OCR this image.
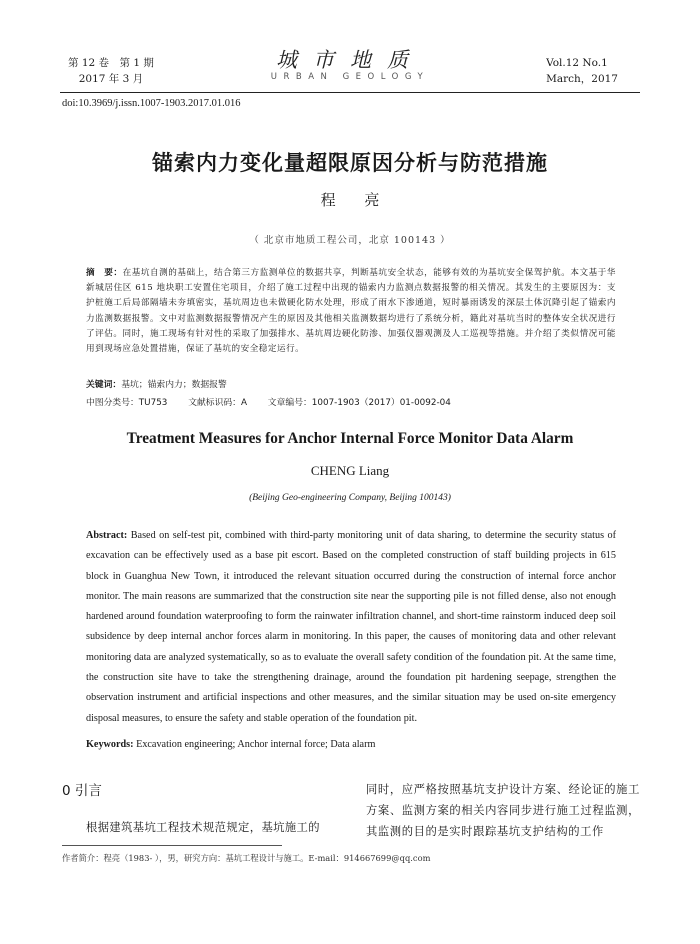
第 12 卷　第 1 期
2017 年 3 月
城市地质
URBAN GEOLOGY
Vol.12 No.1
March，2017
doi:10.3969/j.issn.1007-1903.2017.01.016
锚索内力变化量超限原因分析与防范措施
程 亮
（ 北京市地质工程公司，北京 100143 ）
摘　要：在基坑自测的基础上，结合第三方监测单位的数据共享，判断基坑安全状态，能够有效的为基坑安全保驾护航。本文基于华新城居住区 615 地块职工安置住宅项目，介绍了施工过程中出现的锚索内力监测点数据报警的相关情况。其发生的主要原因为：支护桩施工后局部隔墙未夯填密实，基坑周边也未做硬化防水处理，形成了雨水下渗通道，短时暴雨诱发的深层土体沉降引起了锚索内力监测数据报警。文中对监测数据报警情况产生的原因及其他相关监测数据均进行了系统分析，籍此对基坑当时的整体安全状况进行了评估。同时，施工现场有针对性的采取了加强排水、基坑周边硬化防渗、加强仪器观测及人工巡视等措施。并介绍了类似情况可能用到现场应急处置措施，保证了基坑的安全稳定运行。
关键词：基坑；锚索内力；数据报警
中图分类号：TU753 文献标识码：A 文章编号：1007-1903（2017）01-0092-04
Treatment Measures for Anchor Internal Force Monitor Data Alarm
CHENG Liang
(Beijing Geo-engineering Company, Beijing 100143)
Abstract: Based on self-test pit, combined with third-party monitoring unit of data sharing, to determine the security status of excavation can be effectively used as a base pit escort. Based on the completed construction of staff building projects in 615 block in Guanghua New Town, it introduced the relevant situation occurred during the construction of internal force anchor monitor. The main reasons are summarized that the construction site near the supporting pile is not filled dense, also not enough hardened around foundation waterproofing to form the rainwater infiltration channel, and short-time rainstorm induced deep soil subsidence by deep internal anchor forces alarm in monitoring. In this paper, the causes of monitoring data and other relevant monitoring data are analyzed systematically, so as to evaluate the overall safety condition of the foundation pit. At the same time, the construction site have to take the strengthening drainage, around the foundation pit hardening seepage, strengthen the observation instrument and artificial inspections and other measures, and the similar situation may be used on-site emergency disposal measures, to ensure the safety and stable operation of the foundation pit.
Keywords: Excavation engineering; Anchor internal force; Data alarm
0 引言
根据建筑基坑工程技术规范规定，基坑施工的
同时，应严格按照基坑支护设计方案、经论证的施工方案、监测方案的相关内容同步进行施工过程监测，其监测的目的是实时跟踪基坑支护结构的工作
作者简介：程亮（1983- ），男，研究方向：基坑工程设计与施工。E-mail：914667699@qq.com
